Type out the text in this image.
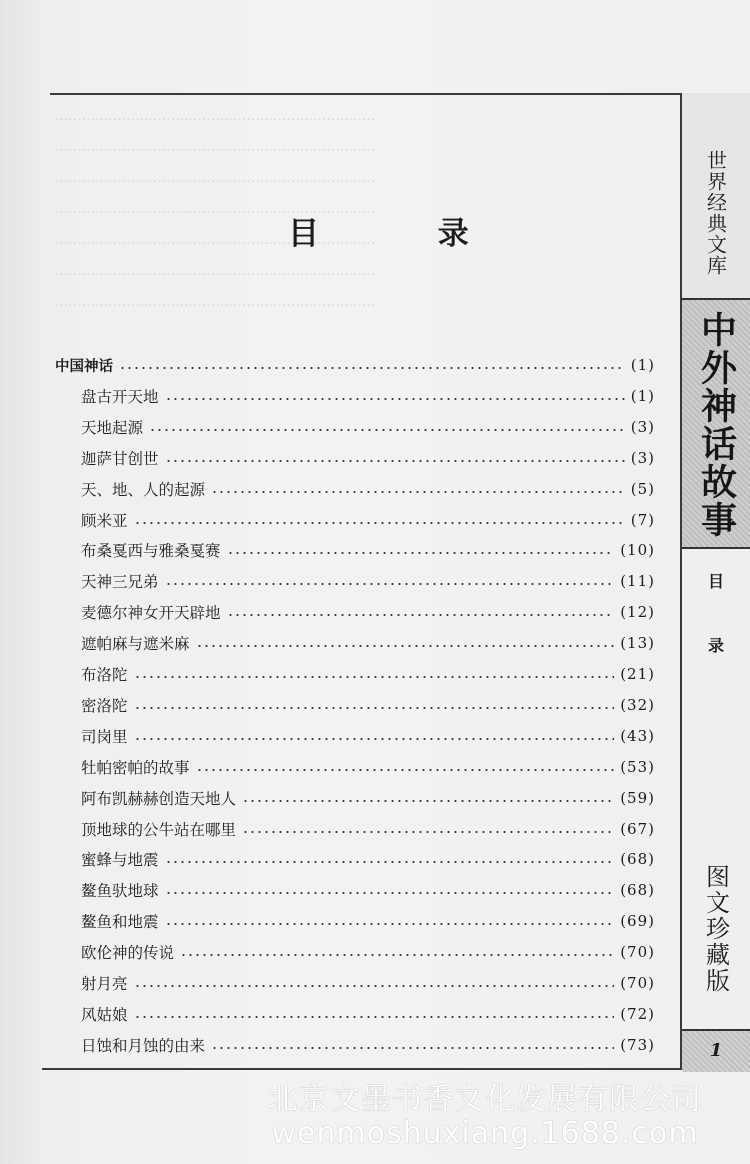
········································································
········································································
········································································
········································································
········································································
········································································
········································································
目 录
中国神话	(1)
盘古开天地	(1)
天地起源	(3)
迦萨甘创世	(3)
天、地、人的起源	(5)
顾米亚	(7)
布桑戛西与雅桑戛赛	(10)
天神三兄弟	(11)
麦德尔神女开天辟地	(12)
遮帕麻与遮米麻	(13)
布洛陀	(21)
密洛陀	(32)
司岗里	(43)
牡帕密帕的故事	(53)
阿布凯赫赫创造天地人	(59)
顶地球的公牛站在哪里	(67)
蜜蜂与地震	(68)
鳌鱼驮地球	(68)
鳌鱼和地震	(69)
欧伦神的传说	(70)
射月亮	(70)
风姑娘	(72)
日蚀和月蚀的由来	(73)
世界经典文库
中外神话故事
目
录
图文珍藏版
1
北京文墨书香文化发展有限公司
wenmoshuxiang.1688.com
